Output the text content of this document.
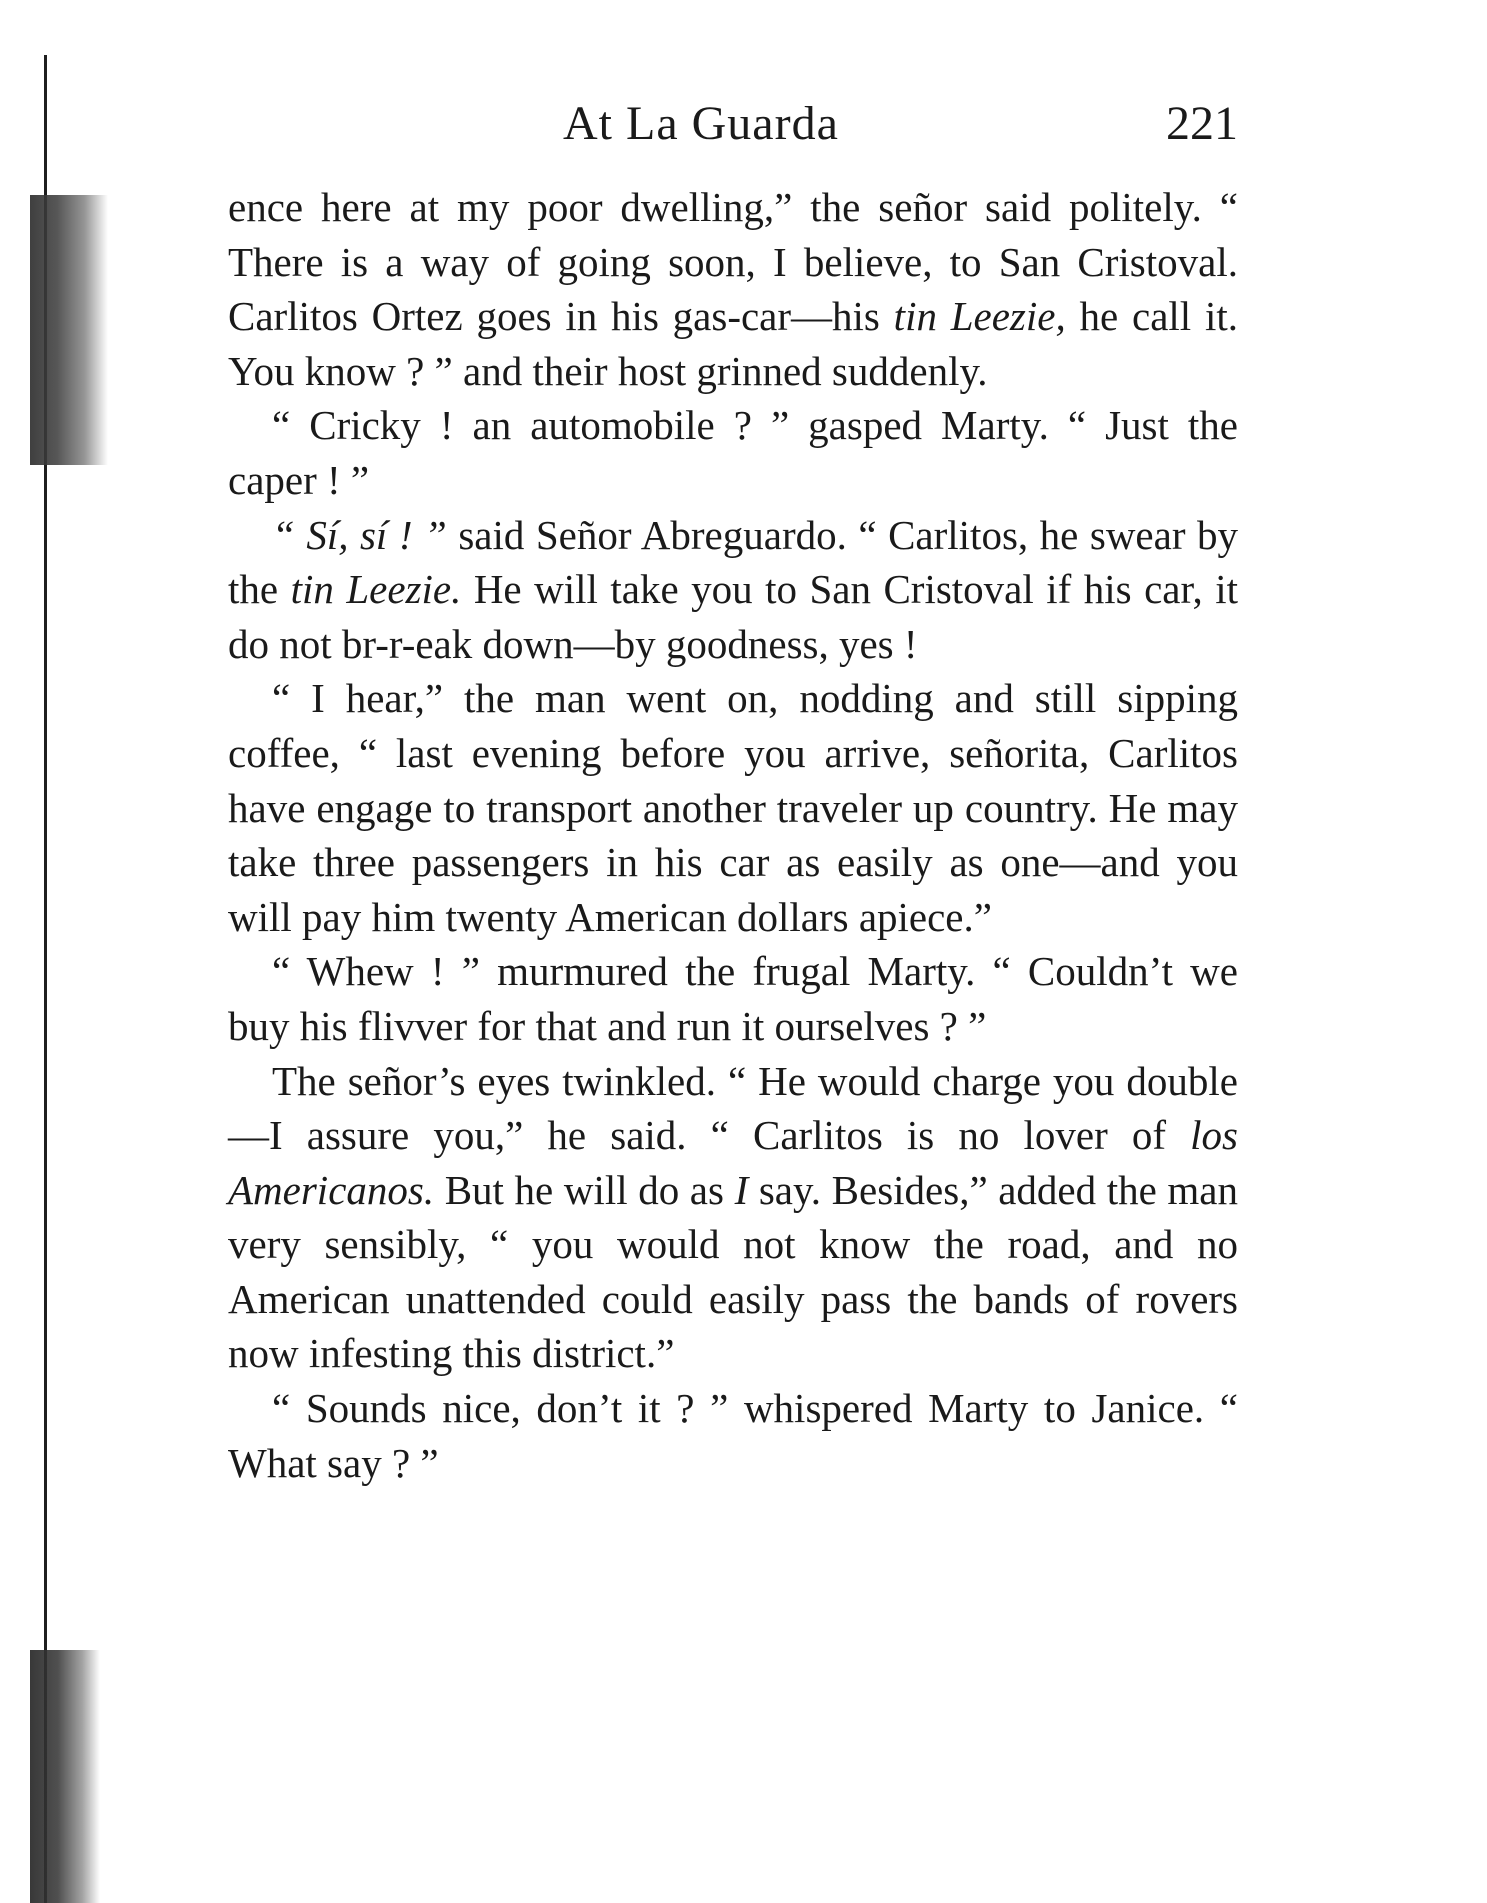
At La Guarda	221

ence here at my poor dwelling,” the señor said politely. “ There is a way of going soon, I believe, to San Cristoval. Carlitos Ortez goes in his gas-car—his tin Leezie, he call it. You know ? ” and their host grinned suddenly.

“ Cricky ! an automobile ? ” gasped Marty. “ Just the caper ! ”

“ Sí, sí ! ” said Señor Abreguardo. “ Carlitos, he swear by the tin Leezie. He will take you to San Cristoval if his car, it do not br-r-eak down—by goodness, yes !

“ I hear,” the man went on, nodding and still sipping coffee, “ last evening before you arrive, señorita, Carlitos have engage to transport another traveler up country. He may take three passengers in his car as easily as one—and you will pay him twenty American dollars apiece.”

“ Whew ! ” murmured the frugal Marty. “ Couldn’t we buy his flivver for that and run it ourselves ? ”

The señor’s eyes twinkled. “ He would charge you double—I assure you,” he said. “ Carlitos is no lover of los Americanos. But he will do as I say. Besides,” added the man very sensibly, “ you would not know the road, and no American unattended could easily pass the bands of rovers now infesting this district.”

“ Sounds nice, don’t it ? ” whispered Marty to Janice. “ What say ? ”
